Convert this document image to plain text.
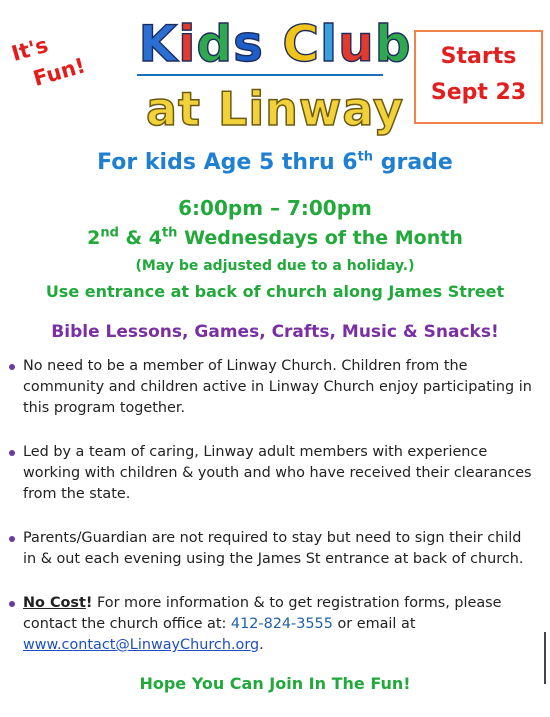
It's
Fun!	Kids Club
at Linway
Starts
Sept 23
For kids Age 5 thru 6th grade
6:00pm – 7:00pm
2nd & 4th Wednesdays of the Month
(May be adjusted due to a holiday.)
Use entrance at back of church along James Street
Bible Lessons, Games, Crafts, Music & Snacks!
No need to be a member of Linway Church. Children from the community and children active in Linway Church enjoy participating in this program together.
Led by a team of caring, Linway adult members with experience working with children & youth and who have received their clearances from the state.
Parents/Guardian are not required to stay but need to sign their child in & out each evening using the James St entrance at back of church.
No Cost! For more information & to get registration forms, please contact the church office at: 412-824-3555 or email at www.contact@LinwayChurch.org.
Hope You Can Join In The Fun!
